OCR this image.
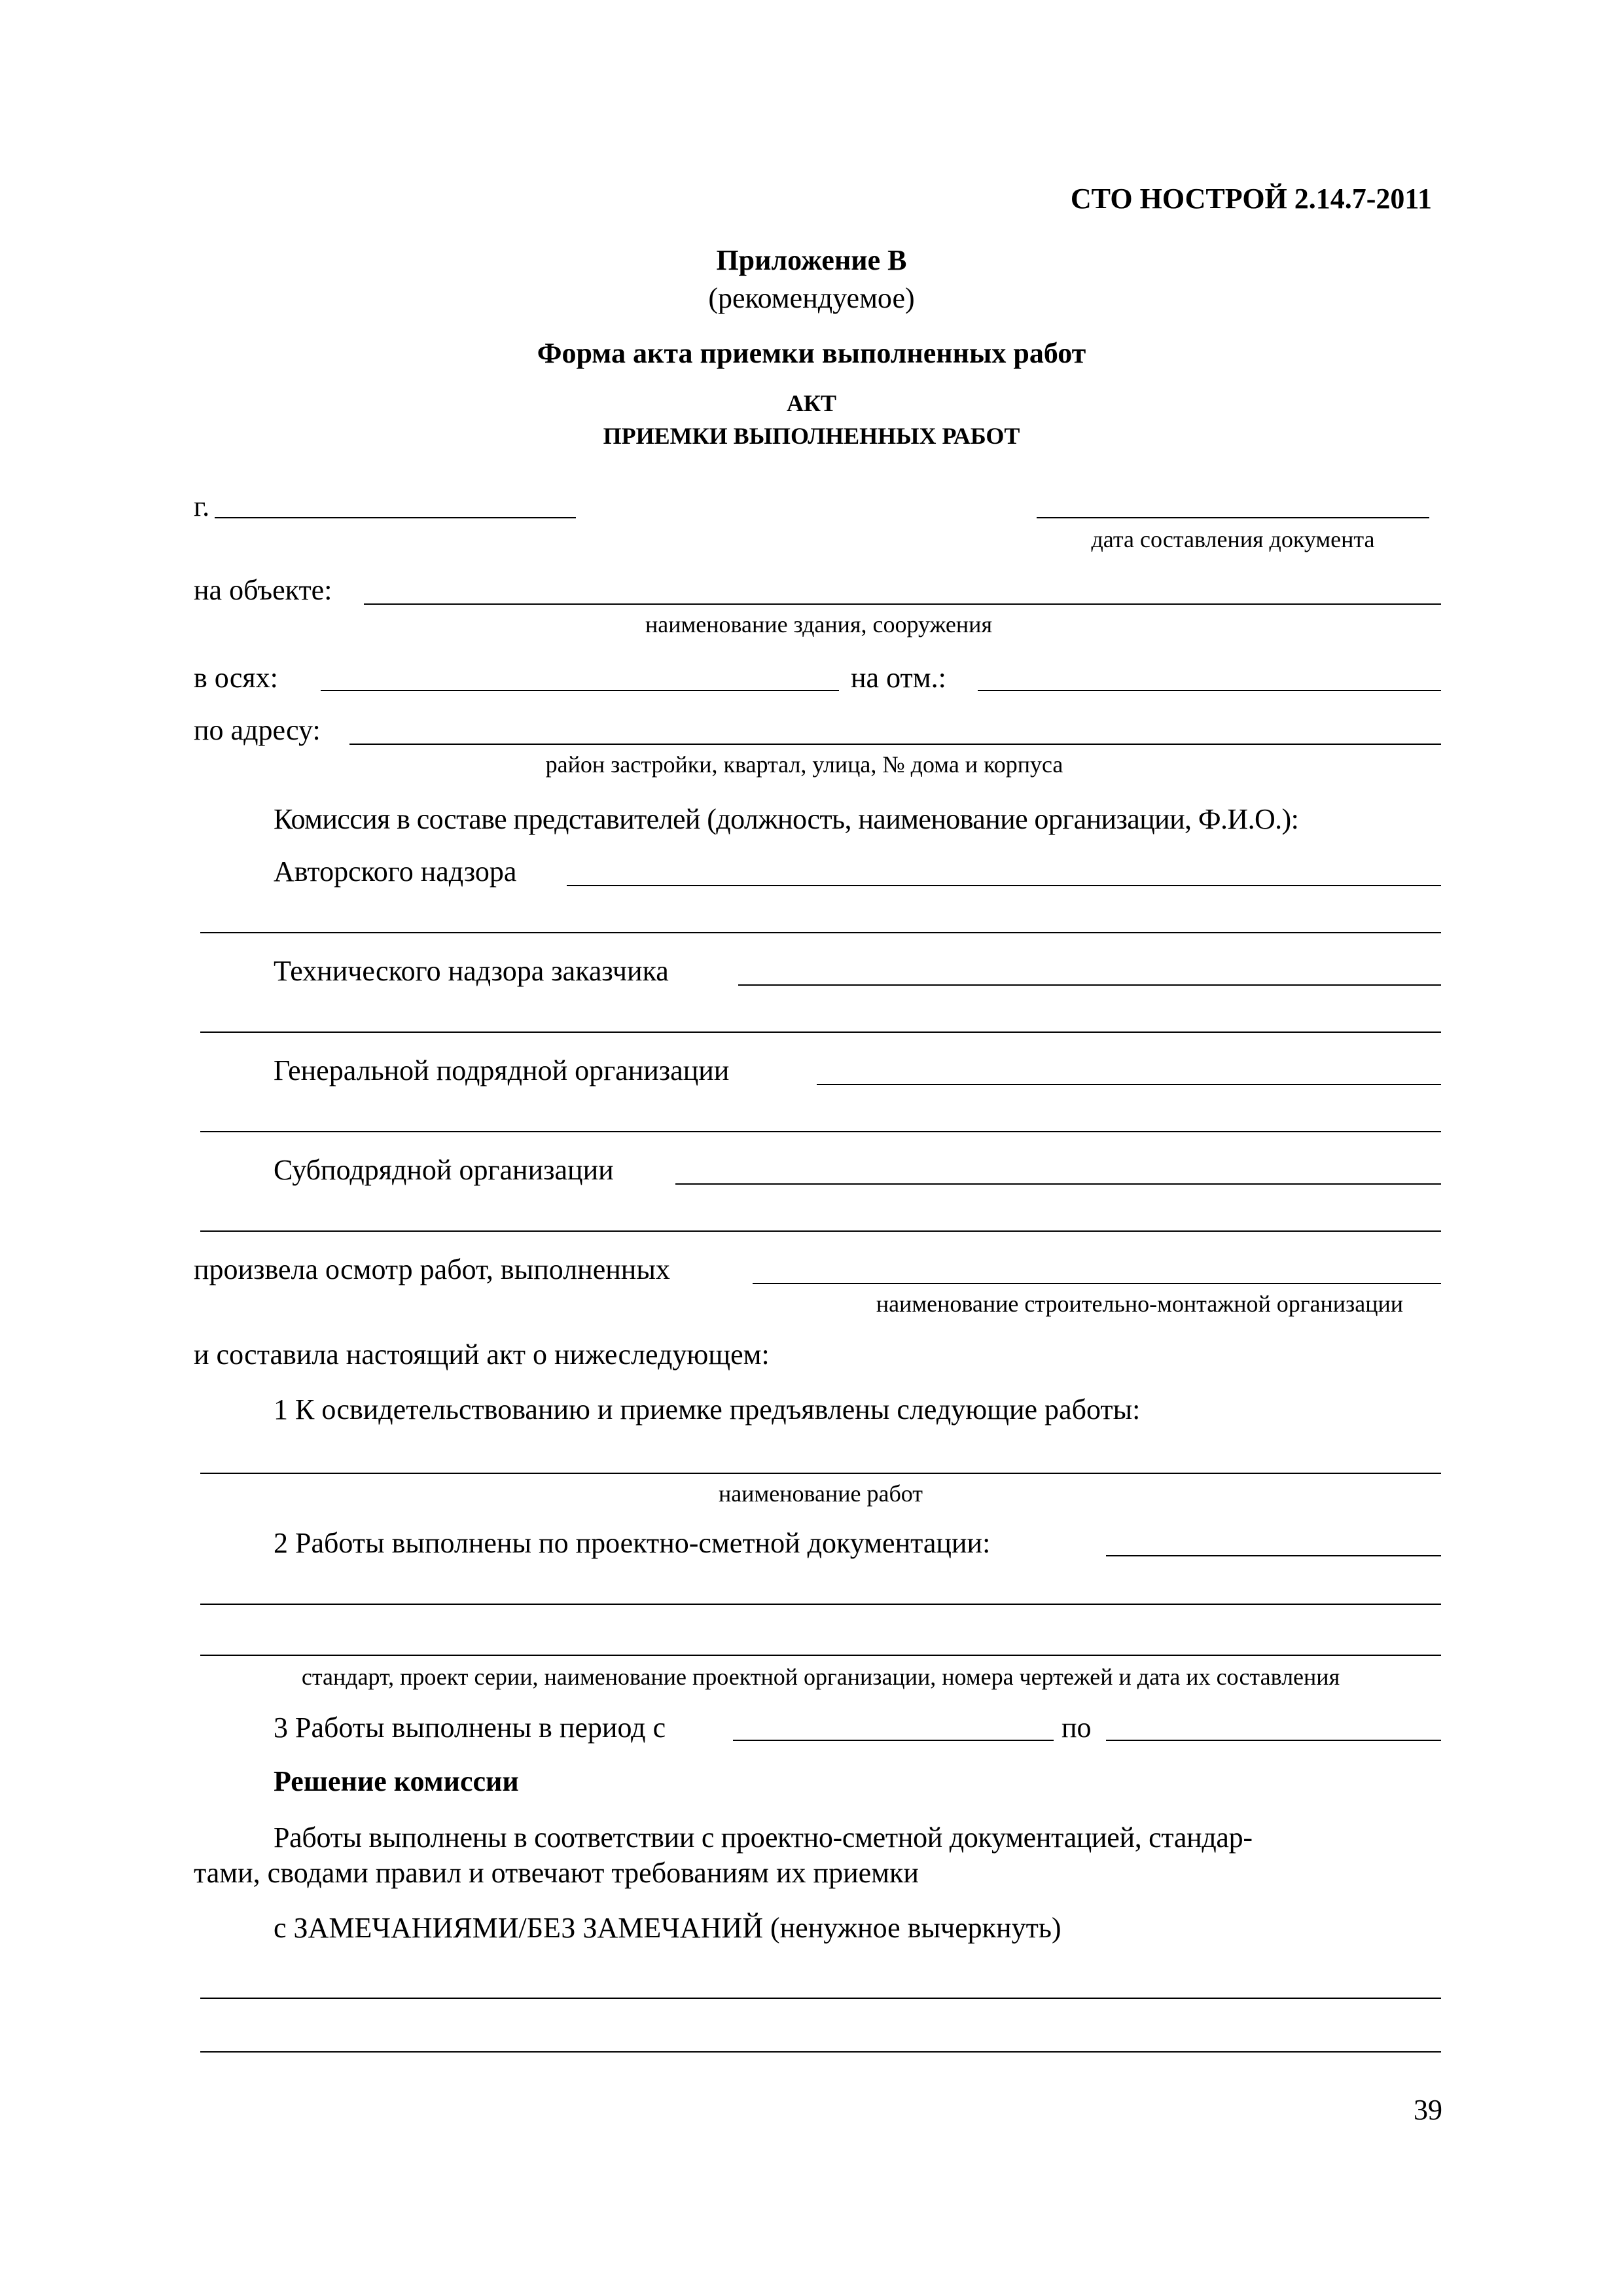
СТО НОСТРОЙ 2.14.7-2011
Приложение В
(рекомендуемое)
Форма акта приемки выполненных работ
АКТ
ПРИЕМКИ ВЫПОЛНЕННЫХ РАБОТ
г.
дата составления документа
на объекте:
наименование здания, сооружения
в осях:	на отм.:
по адресу:
район застройки, квартал, улица, № дома и корпуса
Комиссия в составе представителей (должность, наименование организации, Ф.И.О.):
Авторского надзора
Технического надзора заказчика
Генеральной подрядной организации
Субподрядной организации
произвела осмотр работ, выполненных
наименование строительно-монтажной организации
и составила настоящий акт о нижеследующем:
1 К освидетельствованию и приемке предъявлены следующие работы:
наименование работ
2 Работы выполнены по проектно-сметной документации:
стандарт, проект серии, наименование проектной организации, номера чертежей и дата их составления
3 Работы выполнены в период с	по
Решение комиссии
Работы выполнены в соответствии с проектно-сметной документацией, стандар-
тами, сводами правил и отвечают требованиям их приемки
с ЗАМЕЧАНИЯМИ/БЕЗ ЗАМЕЧАНИЙ (ненужное вычеркнуть)
39
